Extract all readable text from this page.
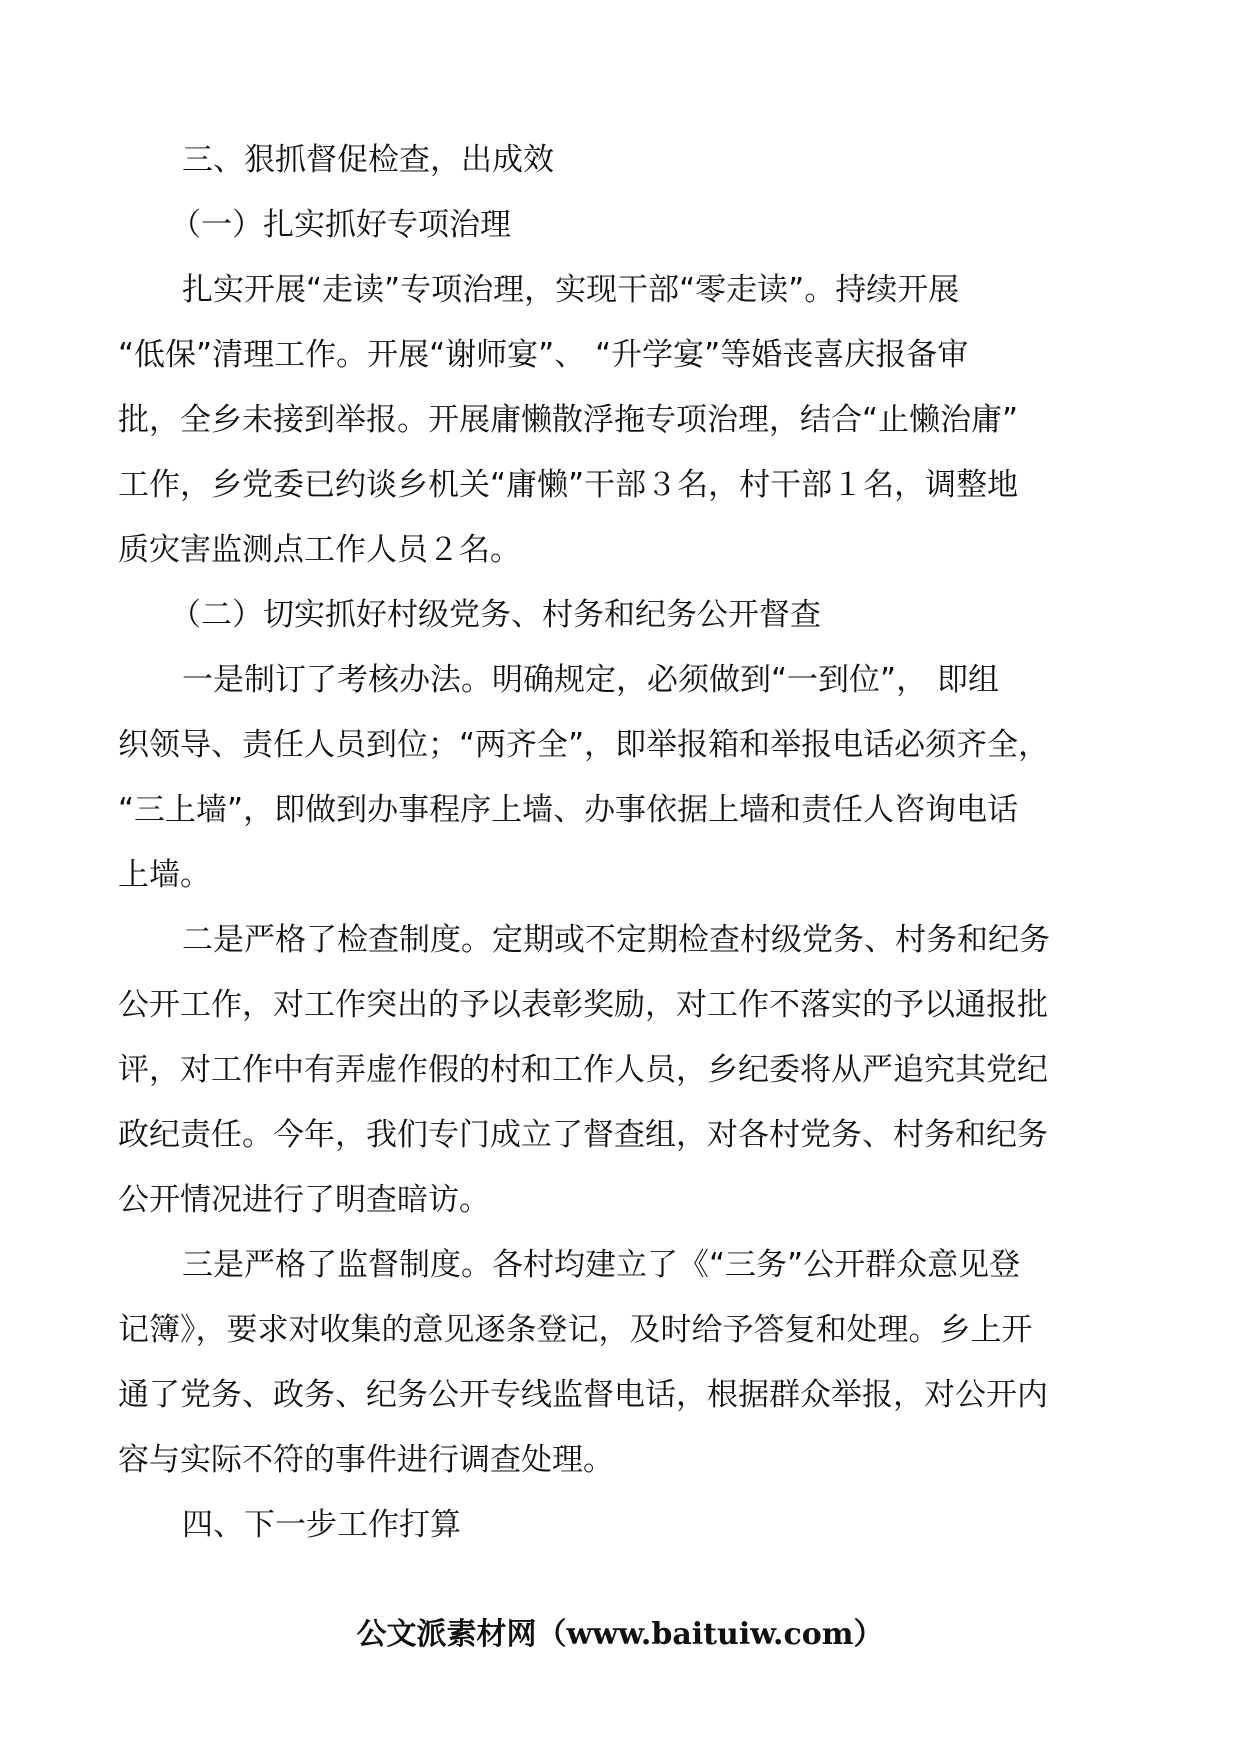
三、狠抓督促检查，出成效
（一）扎实抓好专项治理
扎实开展“走读”专项治理，实现干部“零走读”。持续开展
“低保”清理工作。开展“谢师宴”、 “升学宴”等婚丧喜庆报备审
批，全乡未接到举报。开展庸懒散浮拖专项治理，结合“止懒治庸”
工作，乡党委已约谈乡机关“庸懒”干部３名，村干部１名，调整地
质灾害监测点工作人员２名。
（二）切实抓好村级党务、村务和纪务公开督查
一是制订了考核办法。明确规定，必须做到“一到位”， 即组
织领导、责任人员到位；“两齐全”，即举报箱和举报电话必须齐全，
“三上墙”，即做到办事程序上墙、办事依据上墙和责任人咨询电话
上墙。
二是严格了检查制度。定期或不定期检查村级党务、村务和纪务
公开工作，对工作突出的予以表彰奖励，对工作不落实的予以通报批
评，对工作中有弄虚作假的村和工作人员，乡纪委将从严追究其党纪
政纪责任。今年，我们专门成立了督查组，对各村党务、村务和纪务
公开情况进行了明查暗访。
三是严格了监督制度。各村均建立了《“三务”公开群众意见登
记簿》，要求对收集的意见逐条登记，及时给予答复和处理。乡上开
通了党务、政务、纪务公开专线监督电话，根据群众举报，对公开内
容与实际不符的事件进行调查处理。
四、下一步工作打算
公文派素材网（www.baituiw.com）
